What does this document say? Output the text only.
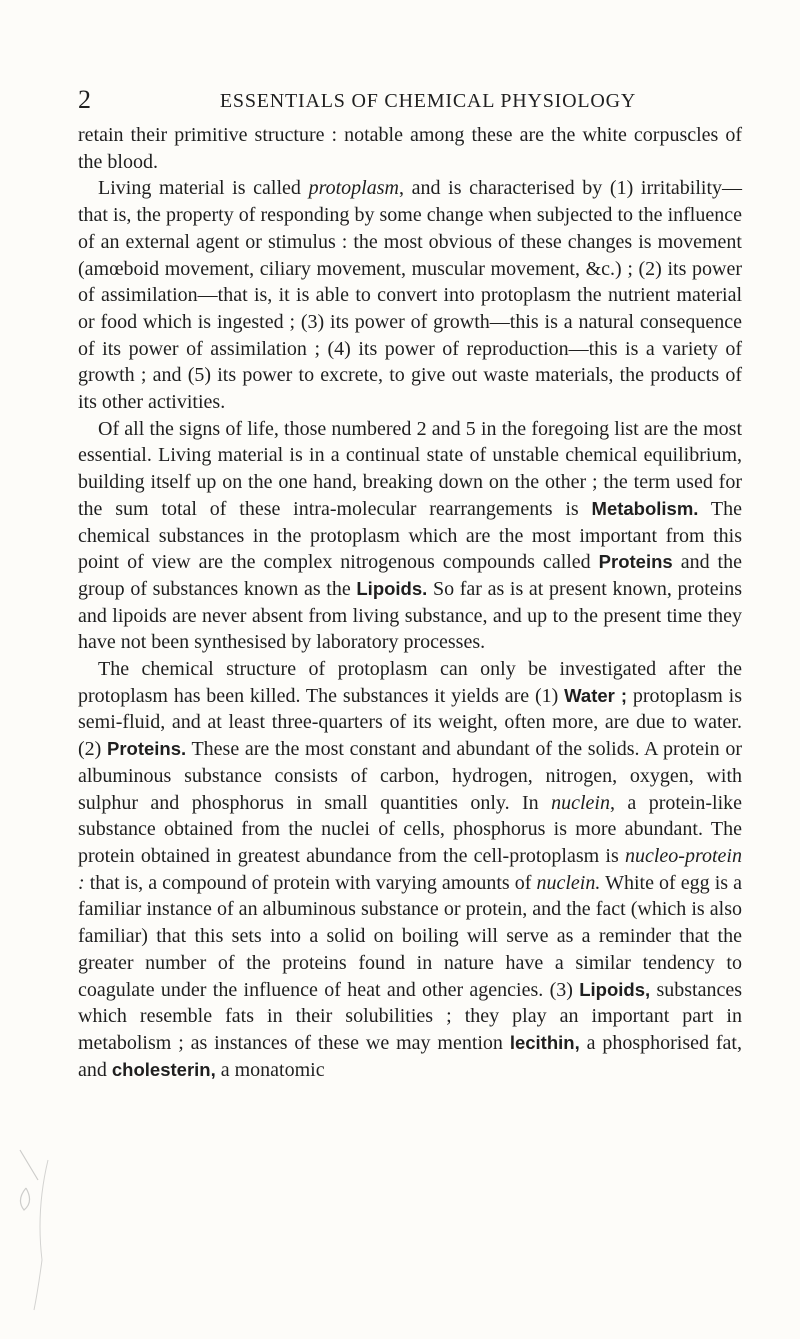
2	ESSENTIALS OF CHEMICAL PHYSIOLOGY

retain their primitive structure : notable among these are the white corpuscles of the blood.

Living material is called protoplasm, and is characterised by (1) irritability—that is, the property of responding by some change when subjected to the influence of an external agent or stimulus : the most obvious of these changes is movement (amœboid movement, ciliary movement, muscular movement, &c.) ; (2) its power of assimilation—that is, it is able to convert into protoplasm the nutrient material or food which is ingested ; (3) its power of growth—this is a natural consequence of its power of assimilation ; (4) its power of reproduction—this is a variety of growth ; and (5) its power to excrete, to give out waste materials, the products of its other activities.

Of all the signs of life, those numbered 2 and 5 in the foregoing list are the most essential. Living material is in a continual state of unstable chemical equilibrium, building itself up on the one hand, breaking down on the other ; the term used for the sum total of these intra-molecular rearrangements is Metabolism. The chemical substances in the protoplasm which are the most important from this point of view are the complex nitrogenous compounds called Proteins and the group of substances known as the Lipoids. So far as is at present known, proteins and lipoids are never absent from living substance, and up to the present time they have not been synthesised by laboratory processes.

The chemical structure of protoplasm can only be investigated after the protoplasm has been killed. The substances it yields are (1) Water ; protoplasm is semi-fluid, and at least three-quarters of its weight, often more, are due to water. (2) Proteins. These are the most constant and abundant of the solids. A protein or albuminous substance consists of carbon, hydrogen, nitrogen, oxygen, with sulphur and phosphorus in small quantities only. In nuclein, a protein-like substance obtained from the nuclei of cells, phosphorus is more abundant. The protein obtained in greatest abundance from the cell-protoplasm is nucleo-protein : that is, a compound of protein with varying amounts of nuclein. White of egg is a familiar instance of an albuminous substance or protein, and the fact (which is also familiar) that this sets into a solid on boiling will serve as a reminder that the greater number of the proteins found in nature have a similar tendency to coagulate under the influence of heat and other agencies. (3) Lipoids, substances which resemble fats in their solubilities ; they play an important part in metabolism ; as instances of these we may mention lecithin, a phosphorised fat, and cholesterin, a monatomic
